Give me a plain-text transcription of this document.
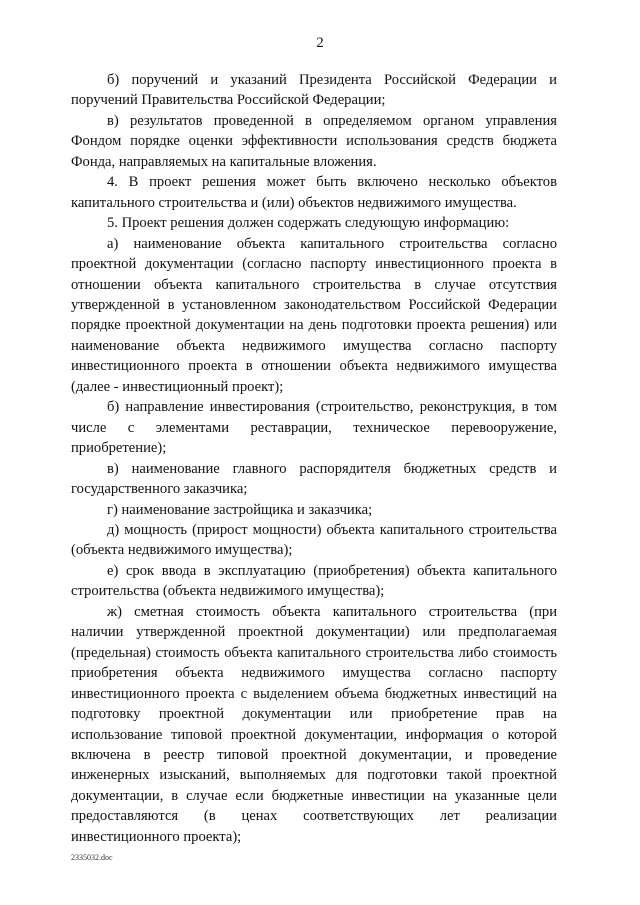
2

б) поручений и указаний Президента Российской Федерации и поручений Правительства Российской Федерации;

в) результатов проведенной в определяемом органом управления Фондом порядке оценки эффективности использования средств бюджета Фонда, направляемых на капитальные вложения.

4. В проект решения может быть включено несколько объектов капитального строительства и (или) объектов недвижимого имущества.

5. Проект решения должен содержать следующую информацию:

а) наименование объекта капитального строительства согласно проектной документации (согласно паспорту инвестиционного проекта в отношении объекта капитального строительства в случае отсутствия утвержденной в установленном законодательством Российской Федерации порядке проектной документации на день подготовки проекта решения) или наименование объекта недвижимого имущества согласно паспорту инвестиционного проекта в отношении объекта недвижимого имущества (далее - инвестиционный проект);

б) направление инвестирования (строительство, реконструкция, в том числе с элементами реставрации, техническое перевооружение, приобретение);

в) наименование главного распорядителя бюджетных средств и государственного заказчика;

г) наименование застройщика и заказчика;

д) мощность (прирост мощности) объекта капитального строительства (объекта недвижимого имущества);

е) срок ввода в эксплуатацию (приобретения) объекта капитального строительства (объекта недвижимого имущества);

ж) сметная стоимость объекта капитального строительства (при наличии утвержденной проектной документации) или предполагаемая (предельная) стоимость объекта капитального строительства либо стоимость приобретения объекта недвижимого имущества согласно паспорту инвестиционного проекта с выделением объема бюджетных инвестиций на подготовку проектной документации или приобретение прав на использование типовой проектной документации, информация о которой включена в реестр типовой проектной документации, и проведение инженерных изысканий, выполняемых для подготовки такой проектной документации, в случае если бюджетные инвестиции на указанные цели предоставляются (в ценах соответствующих лет реализации инвестиционного проекта);

2335032.doc
